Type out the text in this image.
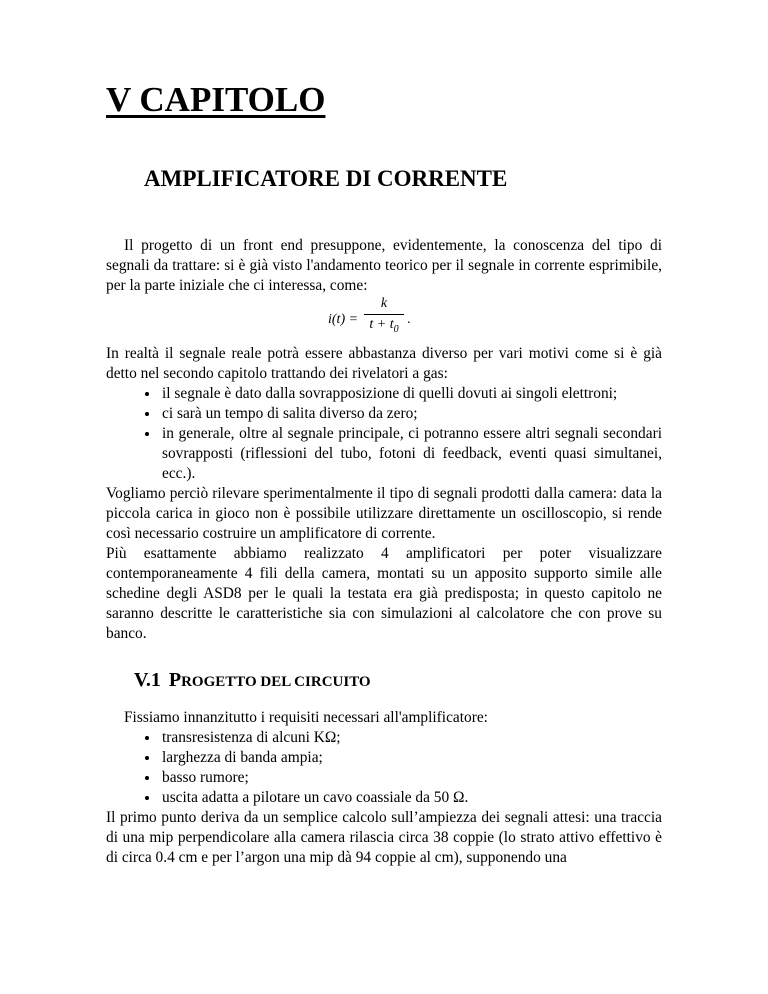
V CAPITOLO
AMPLIFICATORE DI CORRENTE

Il progetto di un front end presuppone, evidentemente, la conoscenza del tipo di segnali da trattare: si è già visto l'andamento teorico per il segnale in corrente esprimibile, per la parte iniziale che ci interessa, come:

i(t) =
k
$t + t_0$
.

In realtà il segnale reale potrà essere abbastanza diverso per vari motivi come si è già detto nel secondo capitolo trattando dei rivelatori a gas:

• il segnale è dato dalla sovrapposizione di quelli dovuti ai singoli elettroni;
• ci sarà un tempo di salita diverso da zero;
• in generale, oltre al segnale principale, ci potranno essere altri segnali secondari sovrapposti (riflessioni del tubo, fotoni di feedback, eventi quasi simultanei, ecc.).

Vogliamo perciò rilevare sperimentalmente il tipo di segnali prodotti dalla camera: data la piccola carica in gioco non è possibile utilizzare direttamente un oscilloscopio, si rende così necessario costruire un amplificatore di corrente.

Più esattamente abbiamo realizzato 4 amplificatori per poter visualizzare contemporaneamente 4 fili della camera, montati su un apposito supporto simile alle schedine degli ASD8 per le quali la testata era già predisposta; in questo capitolo ne saranno descritte le caratteristiche sia con simulazioni al calcolatore che con prove su banco.

V.1 PROGETTO DEL CIRCUITO

Fissiamo innanzitutto i requisiti necessari all'amplificatore:

• transresistenza di alcuni KΩ;
• larghezza di banda ampia;
• basso rumore;
• uscita adatta a pilotare un cavo coassiale da 50 Ω.

Il primo punto deriva da un semplice calcolo sull’ampiezza dei segnali attesi: una traccia di una mip perpendicolare alla camera rilascia circa 38 coppie (lo strato attivo effettivo è di circa 0.4 cm e per l’argon una mip dà 94 coppie al cm), supponendo una
